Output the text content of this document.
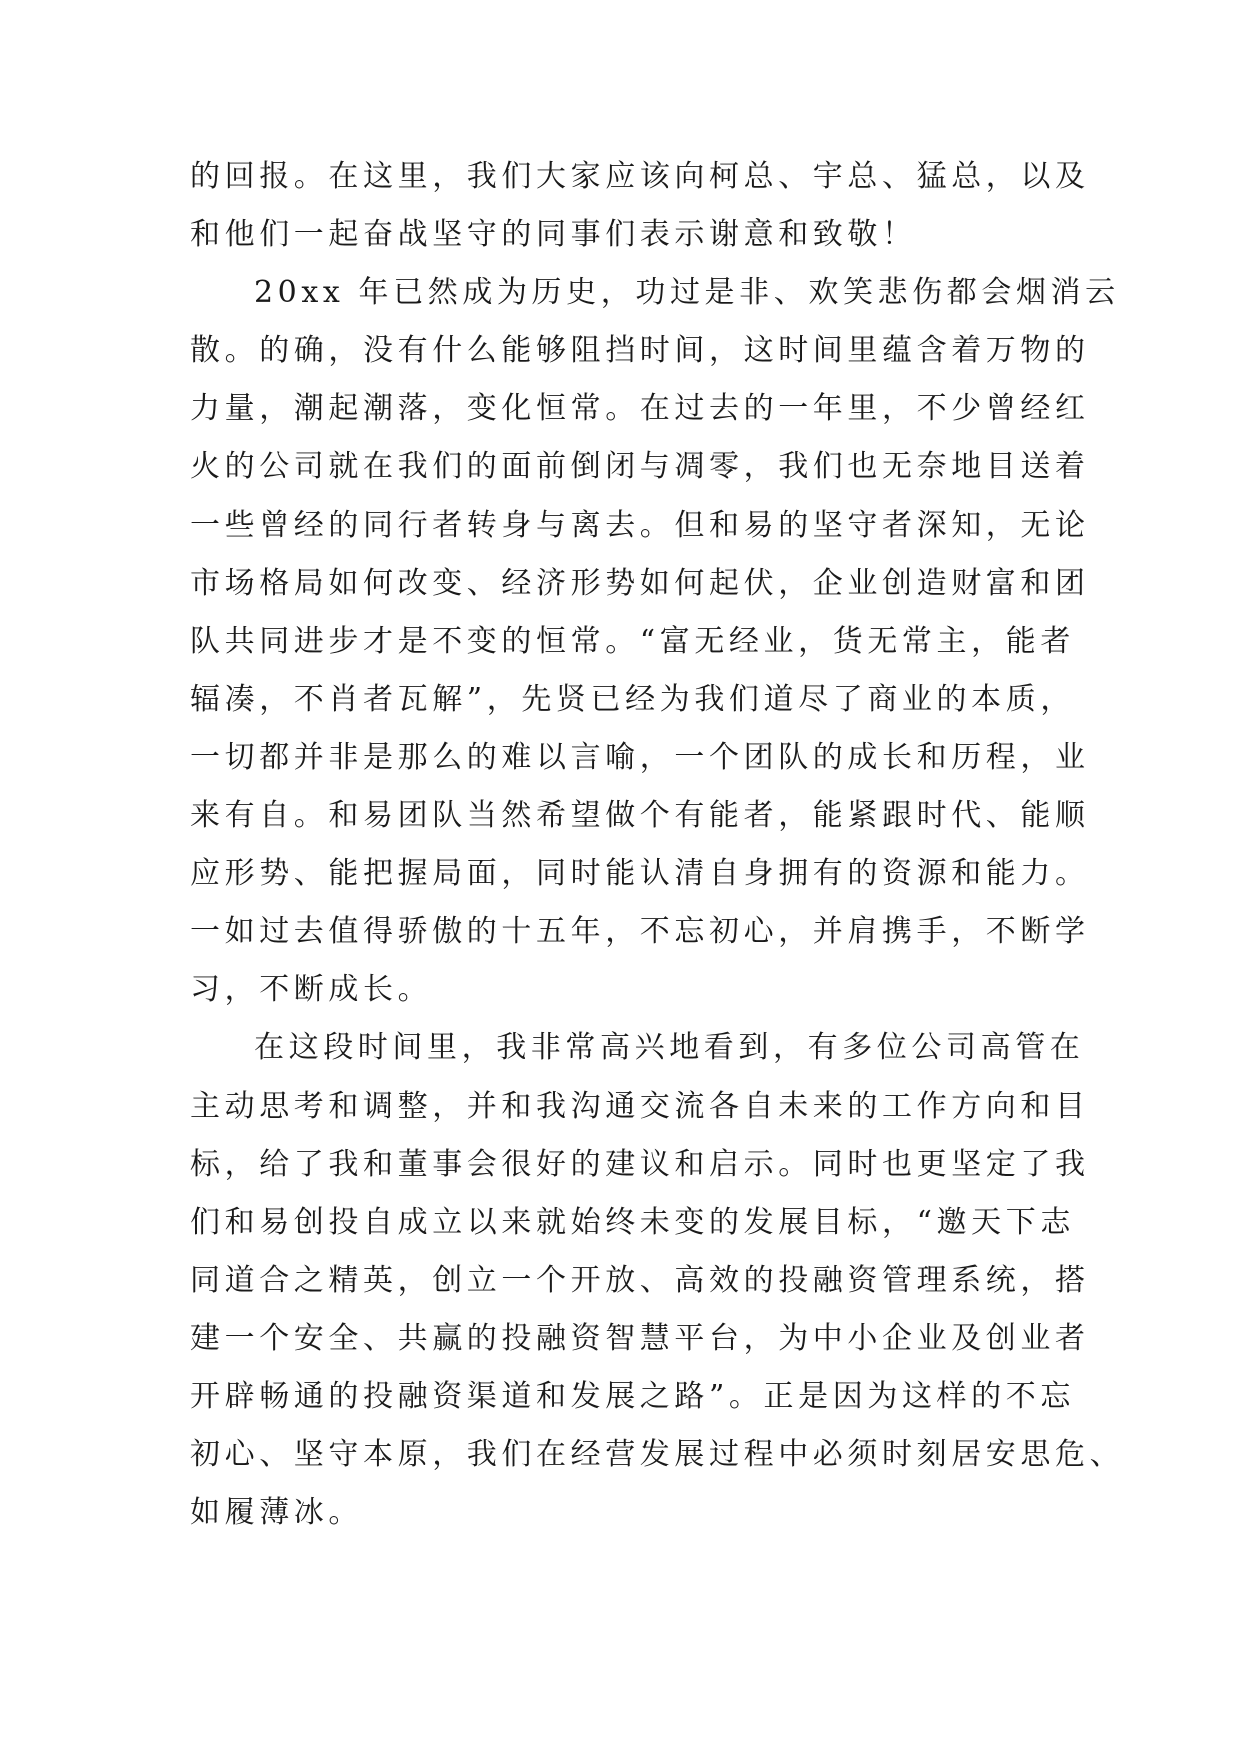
的回报。在这里，我们大家应该向柯总、宇总、猛总，以及
和他们一起奋战坚守的同事们表示谢意和致敬！
20xx 年已然成为历史，功过是非、欢笑悲伤都会烟消云
散。的确，没有什么能够阻挡时间，这时间里蕴含着万物的
力量，潮起潮落，变化恒常。在过去的一年里，不少曾经红
火的公司就在我们的面前倒闭与凋零，我们也无奈地目送着
一些曾经的同行者转身与离去。但和易的坚守者深知，无论
市场格局如何改变、经济形势如何起伏，企业创造财富和团
队共同进步才是不变的恒常。“富无经业，货无常主，能者
辐凑，不肖者瓦解”，先贤已经为我们道尽了商业的本质，
一切都并非是那么的难以言喻，一个团队的成长和历程，业
来有自。和易团队当然希望做个有能者，能紧跟时代、能顺
应形势、能把握局面，同时能认清自身拥有的资源和能力。
一如过去值得骄傲的十五年，不忘初心，并肩携手，不断学
习，不断成长。
在这段时间里，我非常高兴地看到，有多位公司高管在
主动思考和调整，并和我沟通交流各自未来的工作方向和目
标，给了我和董事会很好的建议和启示。同时也更坚定了我
们和易创投自成立以来就始终未变的发展目标，“邀天下志
同道合之精英，创立一个开放、高效的投融资管理系统，搭
建一个安全、共赢的投融资智慧平台，为中小企业及创业者
开辟畅通的投融资渠道和发展之路”。正是因为这样的不忘
初心、坚守本原，我们在经营发展过程中必须时刻居安思危、
如履薄冰。
